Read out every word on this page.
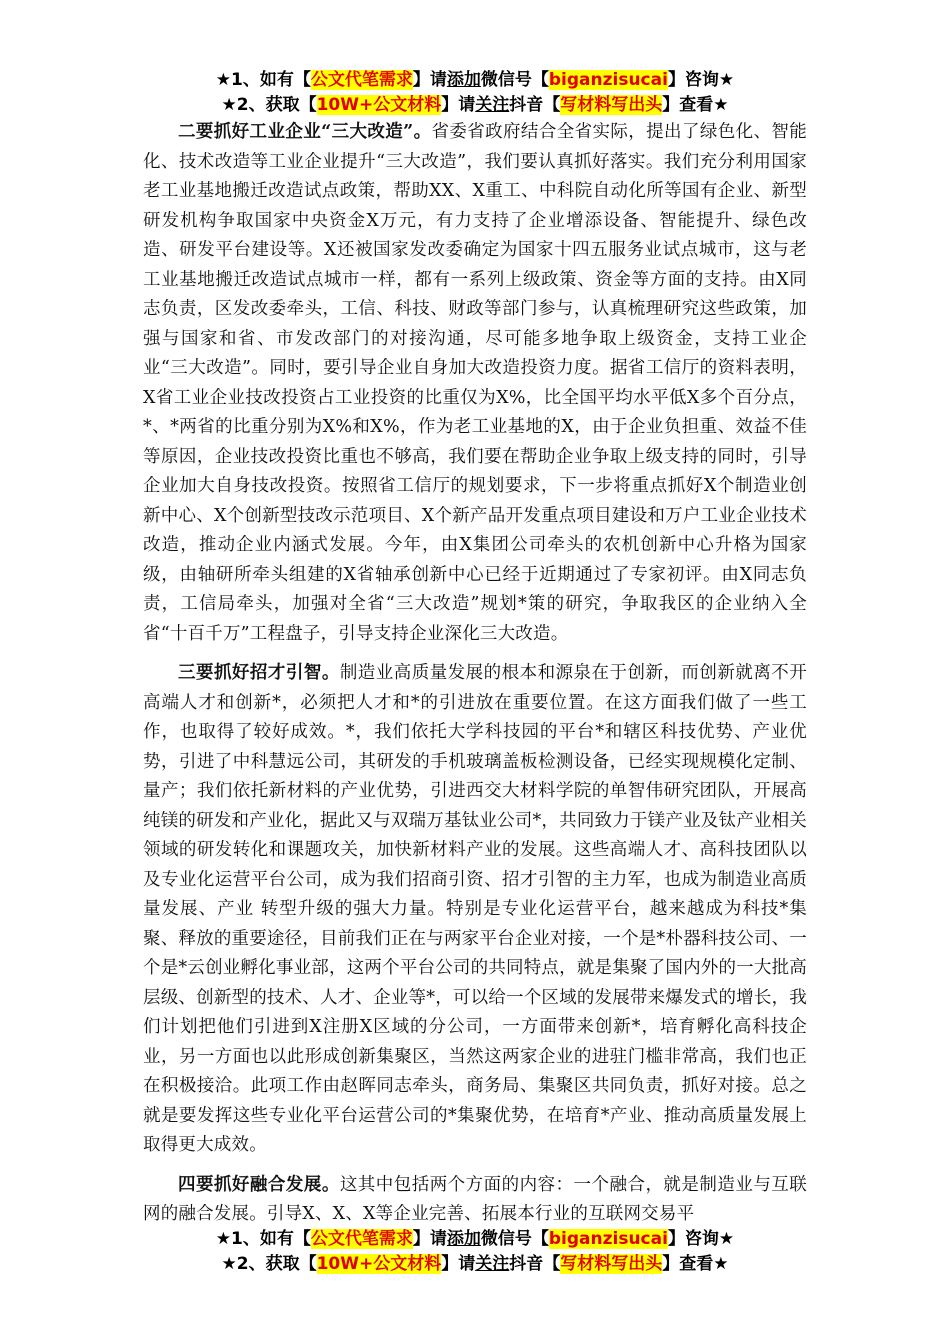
★1、如有【公文代笔需求】请添加微信号【biganzisucai】咨询★
★2、获取【10W+公文材料】请关注抖音【写材料写出头】查看★

二要抓好工业企业“三大改造”。省委省政府结合全省实际，提出了绿色化、智能化、技术改造等工业企业提升“三大改造”，我们要认真抓好落实。我们充分利用国家老工业基地搬迁改造试点政策，帮助XX、X重工、中科院自动化所等国有企业、新型研发机构争取国家中央资金X万元，有力支持了企业增添设备、智能提升、绿色改造、研发平台建设等。X还被国家发改委确定为国家十四五服务业试点城市，这与老工业基地搬迁改造试点城市一样，都有一系列上级政策、资金等方面的支持。由X同志负责，区发改委牵头，工信、科技、财政等部门参与，认真梳理研究这些政策，加强与国家和省、市发改部门的对接沟通，尽可能多地争取上级资金，支持工业企业“三大改造”。同时，要引导企业自身加大改造投资力度。据省工信厅的资料表明，X省工业企业技改投资占工业投资的比重仅为X%，比全国平均水平低X多个百分点，*、*两省的比重分别为X%和X%，作为老工业基地的X，由于企业负担重、效益不佳等原因，企业技改投资比重也不够高，我们要在帮助企业争取上级支持的同时，引导企业加大自身技改投资。按照省工信厅的规划要求，下一步将重点抓好X个制造业创新中心、X个创新型技改示范项目、X个新产品开发重点项目建设和万户工业企业技术改造，推动企业内涵式发展。今年，由X集团公司牵头的农机创新中心升格为国家级，由轴研所牵头组建的X省轴承创新中心已经于近期通过了专家初评。由X同志负责，工信局牵头，加强对全省“三大改造”规划*策的研究，争取我区的企业纳入全省“十百千万”工程盘子，引导支持企业深化三大改造。

三要抓好招才引智。制造业高质量发展的根本和源泉在于创新，而创新就离不开高端人才和创新*，必须把人才和*的引进放在重要位置。在这方面我们做了一些工作，也取得了较好成效。*，我们依托大学科技园的平台*和辖区科技优势、产业优势，引进了中科慧远公司，其研发的手机玻璃盖板检测设备，已经实现规模化定制、量产；我们依托新材料的产业优势，引进西交大材料学院的单智伟研究团队，开展高纯镁的研发和产业化，据此又与双瑞万基钛业公司*，共同致力于镁产业及钛产业相关领域的研发转化和课题攻关，加快新材料产业的发展。这些高端人才、高科技团队以及专业化运营平台公司，成为我们招商引资、招才引智的主力军，也成为制造业高质量发展、产业 转型升级的强大力量。特别是专业化运营平台，越来越成为科技*集聚、释放的重要途径，目前我们正在与两家平台企业对接，一个是*朴器科技公司、一个是*云创业孵化事业部，这两个平台公司的共同特点，就是集聚了国内外的一大批高层级、创新型的技术、人才、企业等*，可以给一个区域的发展带来爆发式的增长，我们计划把他们引进到X注册X区域的分公司，一方面带来创新*，培育孵化高科技企业，另一方面也以此形成创新集聚区，当然这两家企业的进驻门槛非常高，我们也正在积极接洽。此项工作由赵晖同志牵头，商务局、集聚区共同负责，抓好对接。总之就是要发挥这些专业化平台运营公司的*集聚优势，在培育*产业、推动高质量发展上取得更大成效。

四要抓好融合发展。这其中包括两个方面的内容：一个融合，就是制造业与互联网的融合发展。引导X、X、X等企业完善、拓展本行业的互联网交易平

★1、如有【公文代笔需求】请添加微信号【biganzisucai】咨询★
★2、获取【10W+公文材料】请关注抖音【写材料写出头】查看★
